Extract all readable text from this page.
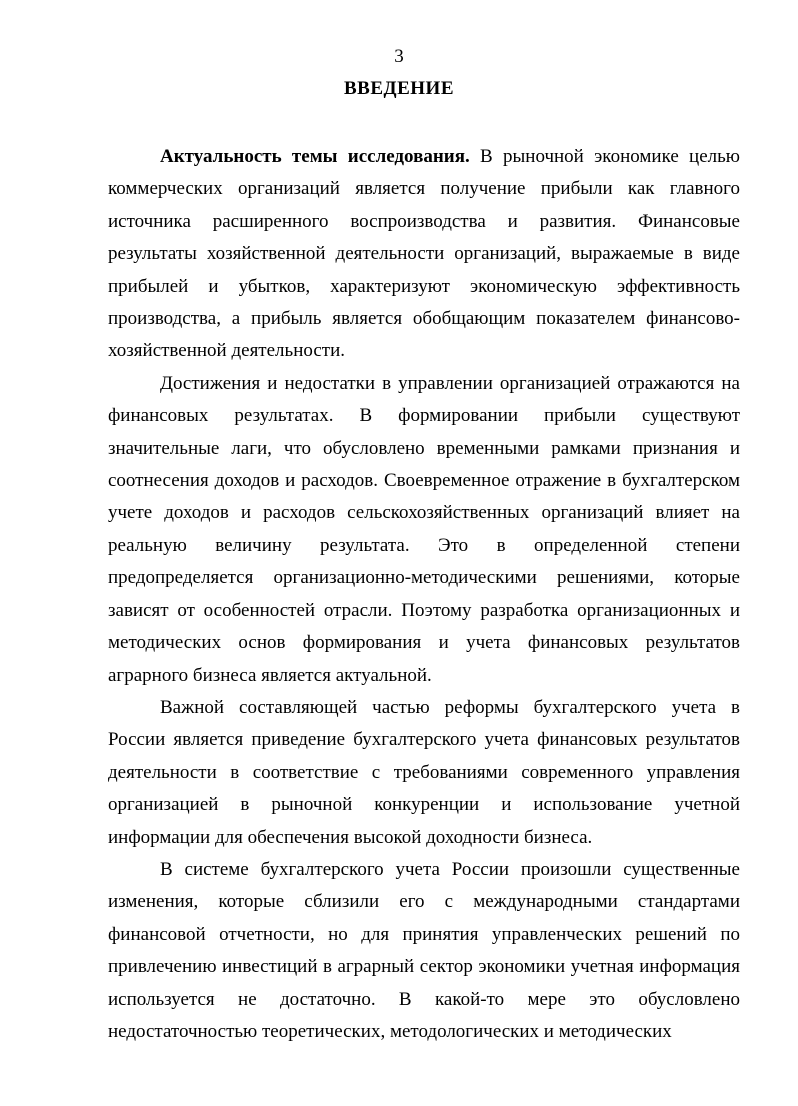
3
ВВЕДЕНИЕ

Актуальность темы исследования. В рыночной экономике целью коммерческих организаций является получение прибыли как главного источника расширенного воспроизводства и развития. Финансовые результаты хозяйственной деятельности организаций, выражаемые в виде прибылей и убытков, характеризуют экономическую эффективность производства, а прибыль является обобщающим показателем финансово-хозяйственной деятельности.

Достижения и недостатки в управлении организацией отражаются на финансовых результатах. В формировании прибыли существуют значительные лаги, что обусловлено временными рамками признания и соотнесения доходов и расходов. Своевременное отражение в бухгалтерском учете доходов и расходов сельскохозяйственных организаций влияет на реальную величину результата. Это в определенной степени предопределяется организационно-методическими решениями, которые зависят от особенностей отрасли. Поэтому разработка организационных и методических основ формирования и учета финансовых результатов аграрного бизнеса является актуальной.

Важной составляющей частью реформы бухгалтерского учета в России является приведение бухгалтерского учета финансовых результатов деятельности в соответствие с требованиями современного управления организацией в рыночной конкуренции и использование учетной информации для обеспечения высокой доходности бизнеса.

В системе бухгалтерского учета России произошли существенные изменения, которые сблизили его с международными стандартами финансовой отчетности, но для принятия управленческих решений по привлечению инвестиций в аграрный сектор экономики учетная информация используется не достаточно. В какой-то мере это обусловлено недостаточностью теоретических, методологических и методических
